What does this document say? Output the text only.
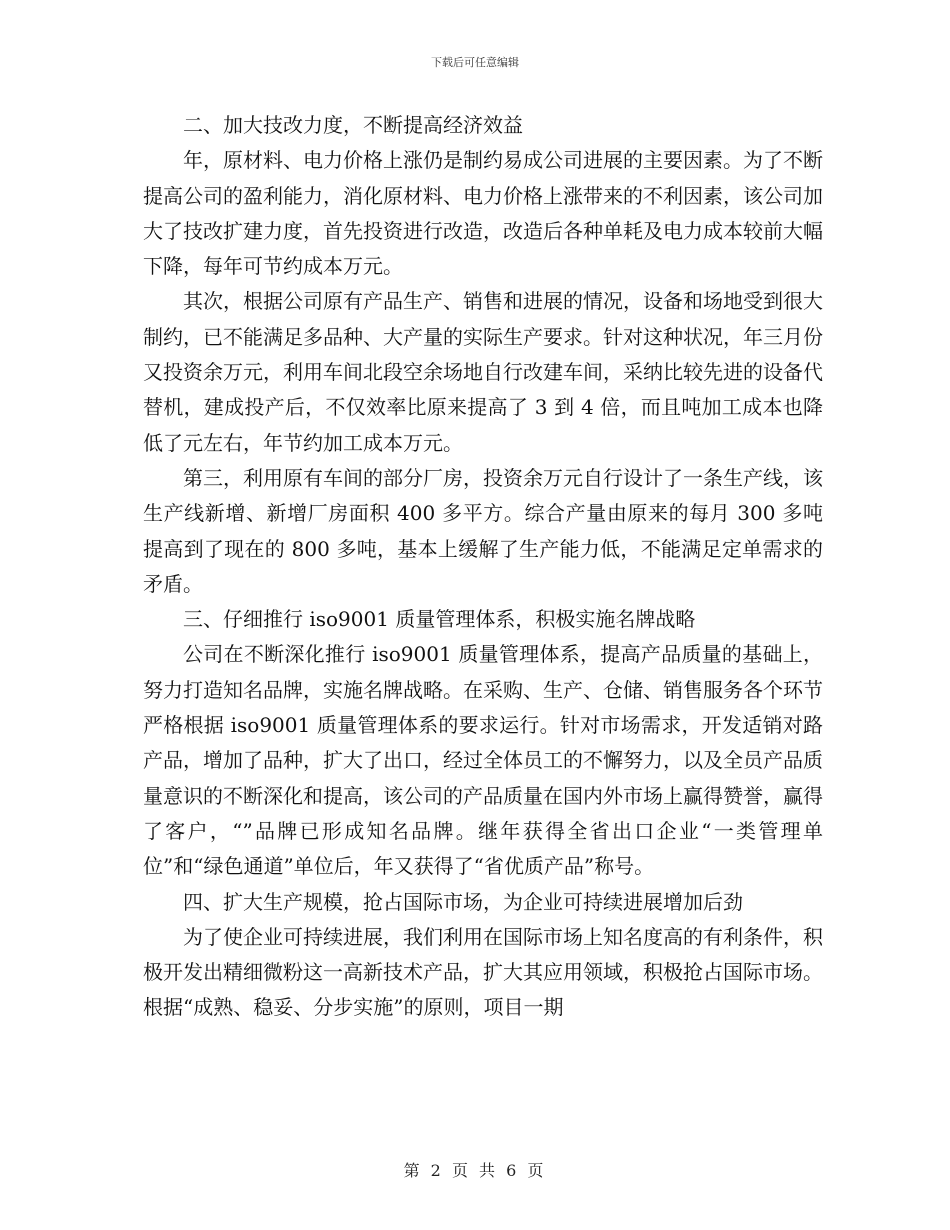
下载后可任意编辑

二、加大技改力度，不断提高经济效益

年，原材料、电力价格上涨仍是制约易成公司进展的主要因素。为了不断提高公司的盈利能力，消化原材料、电力价格上涨带来的不利因素，该公司加大了技改扩建力度，首先投资进行改造，改造后各种单耗及电力成本较前大幅下降，每年可节约成本万元。

其次，根据公司原有产品生产、销售和进展的情况，设备和场地受到很大制约，已不能满足多品种、大产量的实际生产要求。针对这种状况，年三月份又投资余万元，利用车间北段空余场地自行改建车间，采纳比较先进的设备代替机，建成投产后，不仅效率比原来提高了 3 到 4 倍，而且吨加工成本也降低了元左右，年节约加工成本万元。

第三，利用原有车间的部分厂房，投资余万元自行设计了一条生产线，该生产线新增、新增厂房面积 400 多平方。综合产量由原来的每月 300 多吨提高到了现在的 800 多吨，基本上缓解了生产能力低，不能满足定单需求的矛盾。

三、仔细推行 iso9001 质量管理体系，积极实施名牌战略

公司在不断深化推行 iso9001 质量管理体系，提高产品质量的基础上，努力打造知名品牌，实施名牌战略。在采购、生产、仓储、销售服务各个环节严格根据 iso9001 质量管理体系的要求运行。针对市场需求，开发适销对路产品，增加了品种，扩大了出口，经过全体员工的不懈努力，以及全员产品质量意识的不断深化和提高，该公司的产品质量在国内外市场上赢得赞誉，赢得了客户，“”品牌已形成知名品牌。继年获得全省出口企业“一类管理单位”和“绿色通道”单位后，年又获得了“省优质产品”称号。

四、扩大生产规模，抢占国际市场，为企业可持续进展增加后劲

为了使企业可持续进展，我们利用在国际市场上知名度高的有利条件，积极开发出精细微粉这一高新技术产品，扩大其应用领域，积极抢占国际市场。根据“成熟、稳妥、分步实施”的原则，项目一期

第 2 页 共 6 页
